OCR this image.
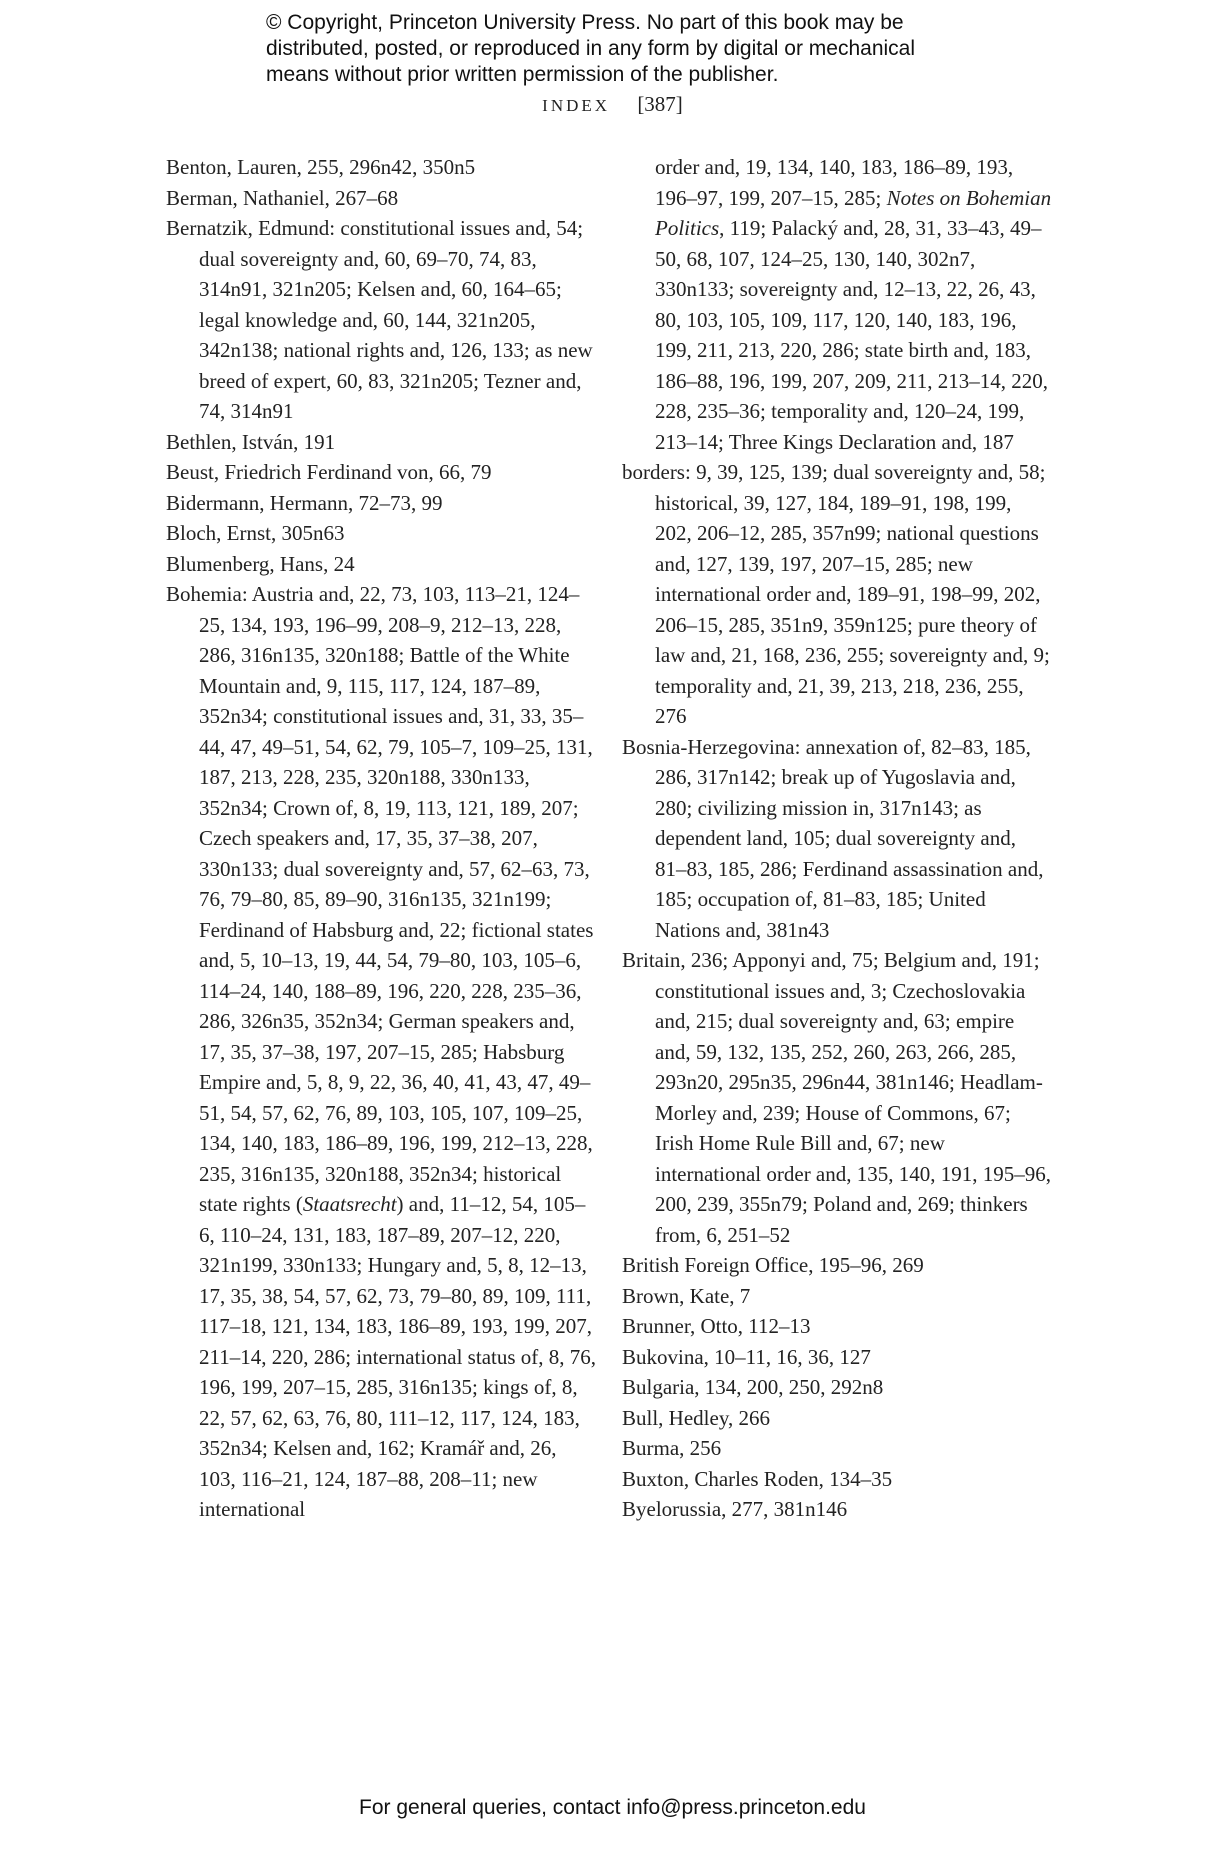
© Copyright, Princeton University Press. No part of this book may be
distributed, posted, or reproduced in any form by digital or mechanical
means without prior written permission of the publisher.
INDEX [387]
Benton, Lauren, 255, 296n42, 350n5
Berman, Nathaniel, 267–68
Bernatzik, Edmund: constitutional issues and, 54; dual sovereignty and, 60, 69–70, 74, 83, 314n91, 321n205; Kelsen and, 60, 164–65; legal knowledge and, 60, 144, 321n205, 342n138; national rights and, 126, 133; as new breed of expert, 60, 83, 321n205; Tezner and, 74, 314n91
Bethlen, István, 191
Beust, Friedrich Ferdinand von, 66, 79
Bidermann, Hermann, 72–73, 99
Bloch, Ernst, 305n63
Blumenberg, Hans, 24
Bohemia: Austria and, 22, 73, 103, 113–21, 124–25, 134, 193, 196–99, 208–9, 212–13, 228, 286, 316n135, 320n188; Battle of the White Mountain and, 9, 115, 117, 124, 187–89, 352n34; constitutional issues and, 31, 33, 35–44, 47, 49–51, 54, 62, 79, 105–7, 109–25, 131, 187, 213, 228, 235, 320n188, 330n133, 352n34; Crown of, 8, 19, 113, 121, 189, 207; Czech speakers and, 17, 35, 37–38, 207, 330n133; dual sovereignty and, 57, 62–63, 73, 76, 79–80, 85, 89–90, 316n135, 321n199; Ferdinand of Habsburg and, 22; fictional states and, 5, 10–13, 19, 44, 54, 79–80, 103, 105–6, 114–24, 140, 188–89, 196, 220, 228, 235–36, 286, 326n35, 352n34; German speakers and, 17, 35, 37–38, 197, 207–15, 285; Habsburg Empire and, 5, 8, 9, 22, 36, 40, 41, 43, 47, 49–51, 54, 57, 62, 76, 89, 103, 105, 107, 109–25, 134, 140, 183, 186–89, 196, 199, 212–13, 228, 235, 316n135, 320n188, 352n34; historical state rights (Staatsrecht) and, 11–12, 54, 105–6, 110–24, 131, 183, 187–89, 207–12, 220, 321n199, 330n133; Hungary and, 5, 8, 12–13, 17, 35, 38, 54, 57, 62, 73, 79–80, 89, 109, 111, 117–18, 121, 134, 183, 186–89, 193, 199, 207, 211–14, 220, 286; international status of, 8, 76, 196, 199, 207–15, 285, 316n135; kings of, 8, 22, 57, 62, 63, 76, 80, 111–12, 117, 124, 183, 352n34; Kelsen and, 162; Kramář and, 26, 103, 116–21, 124, 187–88, 208–11; new international
order and, 19, 134, 140, 183, 186–89, 193, 196–97, 199, 207–15, 285; Notes on Bohemian Politics, 119; Palacký and, 28, 31, 33–43, 49–50, 68, 107, 124–25, 130, 140, 302n7, 330n133; sovereignty and, 12–13, 22, 26, 43, 80, 103, 105, 109, 117, 120, 140, 183, 196, 199, 211, 213, 220, 286; state birth and, 183, 186–88, 196, 199, 207, 209, 211, 213–14, 220, 228, 235–36; temporality and, 120–24, 199, 213–14; Three Kings Declaration and, 187
borders: 9, 39, 125, 139; dual sovereignty and, 58; historical, 39, 127, 184, 189–91, 198, 199, 202, 206–12, 285, 357n99; national questions and, 127, 139, 197, 207–15, 285; new international order and, 189–91, 198–99, 202, 206–15, 285, 351n9, 359n125; pure theory of law and, 21, 168, 236, 255; sovereignty and, 9; temporality and, 21, 39, 213, 218, 236, 255, 276
Bosnia-Herzegovina: annexation of, 82–83, 185, 286, 317n142; break up of Yugoslavia and, 280; civilizing mission in, 317n143; as dependent land, 105; dual sovereignty and, 81–83, 185, 286; Ferdinand assassination and, 185; occupation of, 81–83, 185; United Nations and, 381n43
Britain, 236; Apponyi and, 75; Belgium and, 191; constitutional issues and, 3; Czechoslovakia and, 215; dual sovereignty and, 63; empire and, 59, 132, 135, 252, 260, 263, 266, 285, 293n20, 295n35, 296n44, 381n146; Headlam-Morley and, 239; House of Commons, 67; Irish Home Rule Bill and, 67; new international order and, 135, 140, 191, 195–96, 200, 239, 355n79; Poland and, 269; thinkers from, 6, 251–52
British Foreign Office, 195–96, 269
Brown, Kate, 7
Brunner, Otto, 112–13
Bukovina, 10–11, 16, 36, 127
Bulgaria, 134, 200, 250, 292n8
Bull, Hedley, 266
Burma, 256
Buxton, Charles Roden, 134–35
Byelorussia, 277, 381n146
For general queries, contact info@press.princeton.edu
